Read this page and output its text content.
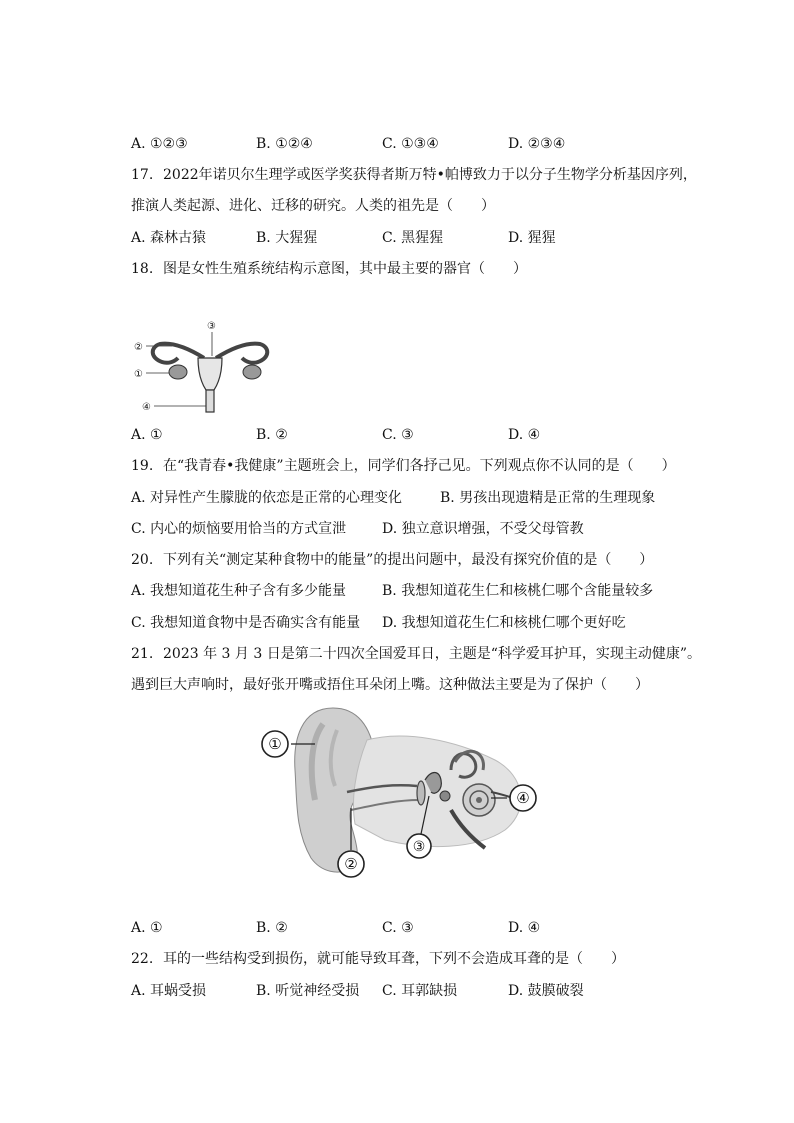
A. ①②③	B. ①②④	C. ①③④	D. ②③④
17. 2022年诺贝尔生理学或医学奖获得者斯万特•帕博致力于以分子生物学分析基因序列，
推演人类起源、进化、迁移的研究。人类的祖先是（　　）
A. 森林古猿	B. 大猩猩	C. 黑猩猩	D. 猩猩
18. 图是女性生殖系统结构示意图，其中最主要的器官（　　）
②
③
①
④
A. ①	B. ②	C. ③	D. ④
19. 在“我青春•我健康”主题班会上，同学们各抒己见。下列观点你不认同的是（　　）
A. 对异性产生朦胧的依恋是正常的心理变化	B. 男孩出现遗精是正常的生理现象
C. 内心的烦恼要用恰当的方式宣泄	D. 独立意识增强，不受父母管教
20. 下列有关“测定某种食物中的能量”的提出问题中，最没有探究价值的是（　　）
A. 我想知道花生种子含有多少能量	B. 我想知道花生仁和核桃仁哪个含能量较多
C. 我想知道食物中是否确实含有能量 D. 我想知道花生仁和核桃仁哪个更好吃
21. 2023 年 3 月 3 日是第二十四次全国爱耳日，主题是“科学爱耳护耳，实现主动健康”。
遇到巨大声响时，最好张开嘴或捂住耳朵闭上嘴。这种做法主要是为了保护（　　）
①
②
③
④
A. ①	B. ②	C. ③	D. ④
22. 耳的一些结构受到损伤，就可能导致耳聋，下列不会造成耳聋的是（　　）
A. 耳蜗受损	B. 听觉神经受损 C. 耳郭缺损	D. 鼓膜破裂
